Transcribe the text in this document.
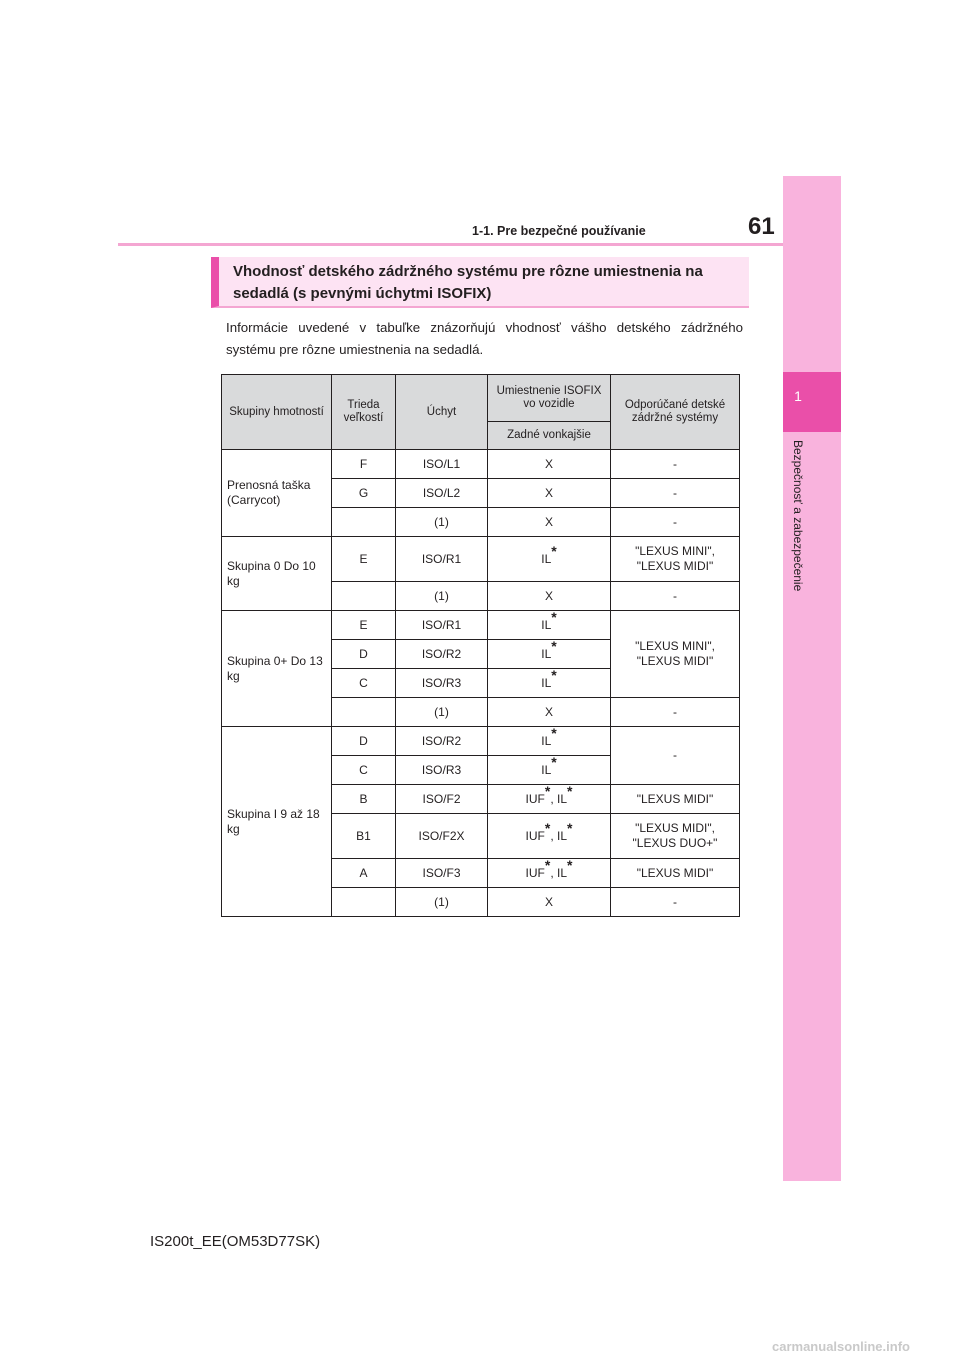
61
1-1. Pre bezpečné používanie
1
Bezpečnosť a zabezpečenie
Vhodnosť detského zádržného systému pre rôzne umiestnenia na
sedadlá (s pevnými úchytmi ISOFIX)
Informácie uvedené v tabuľke znázorňujú vhodnosť vášho detského zádržného systému pre rôzne umiestnenia na sedadlá.
Skupiny hmotností	Trieda veľkostí	Úchyt	Umiestnenie ISOFIX vo vozidle	Odporúčané detské zádržné systémy
			Zadné vonkajšie	
Prenosná taška (Carrycot)	F	ISO/L1	X	-
	G	ISO/L2	X	-
		(1)	X	-
Skupina 0 Do 10 kg	E	ISO/R1	IL*	"LEXUS MINI", "LEXUS MIDI"
		(1)	X	-
Skupina 0+ Do 13 kg	E	ISO/R1	IL*	"LEXUS MINI", "LEXUS MIDI"
	D	ISO/R2	IL*
	C	ISO/R3	IL*
		(1)	X	-
Skupina I 9 až 18 kg	D	ISO/R2	IL*	-
	C	ISO/R3	IL*
	B	ISO/F2	IUF*, IL*	"LEXUS MIDI"
	B1	ISO/F2X	IUF*, IL*	"LEXUS MIDI", "LEXUS DUO+"
	A	ISO/F3	IUF*, IL*	"LEXUS MIDI"
		(1)	X	-
IS200t_EE(OM53D77SK)
carmanualsonline.info
